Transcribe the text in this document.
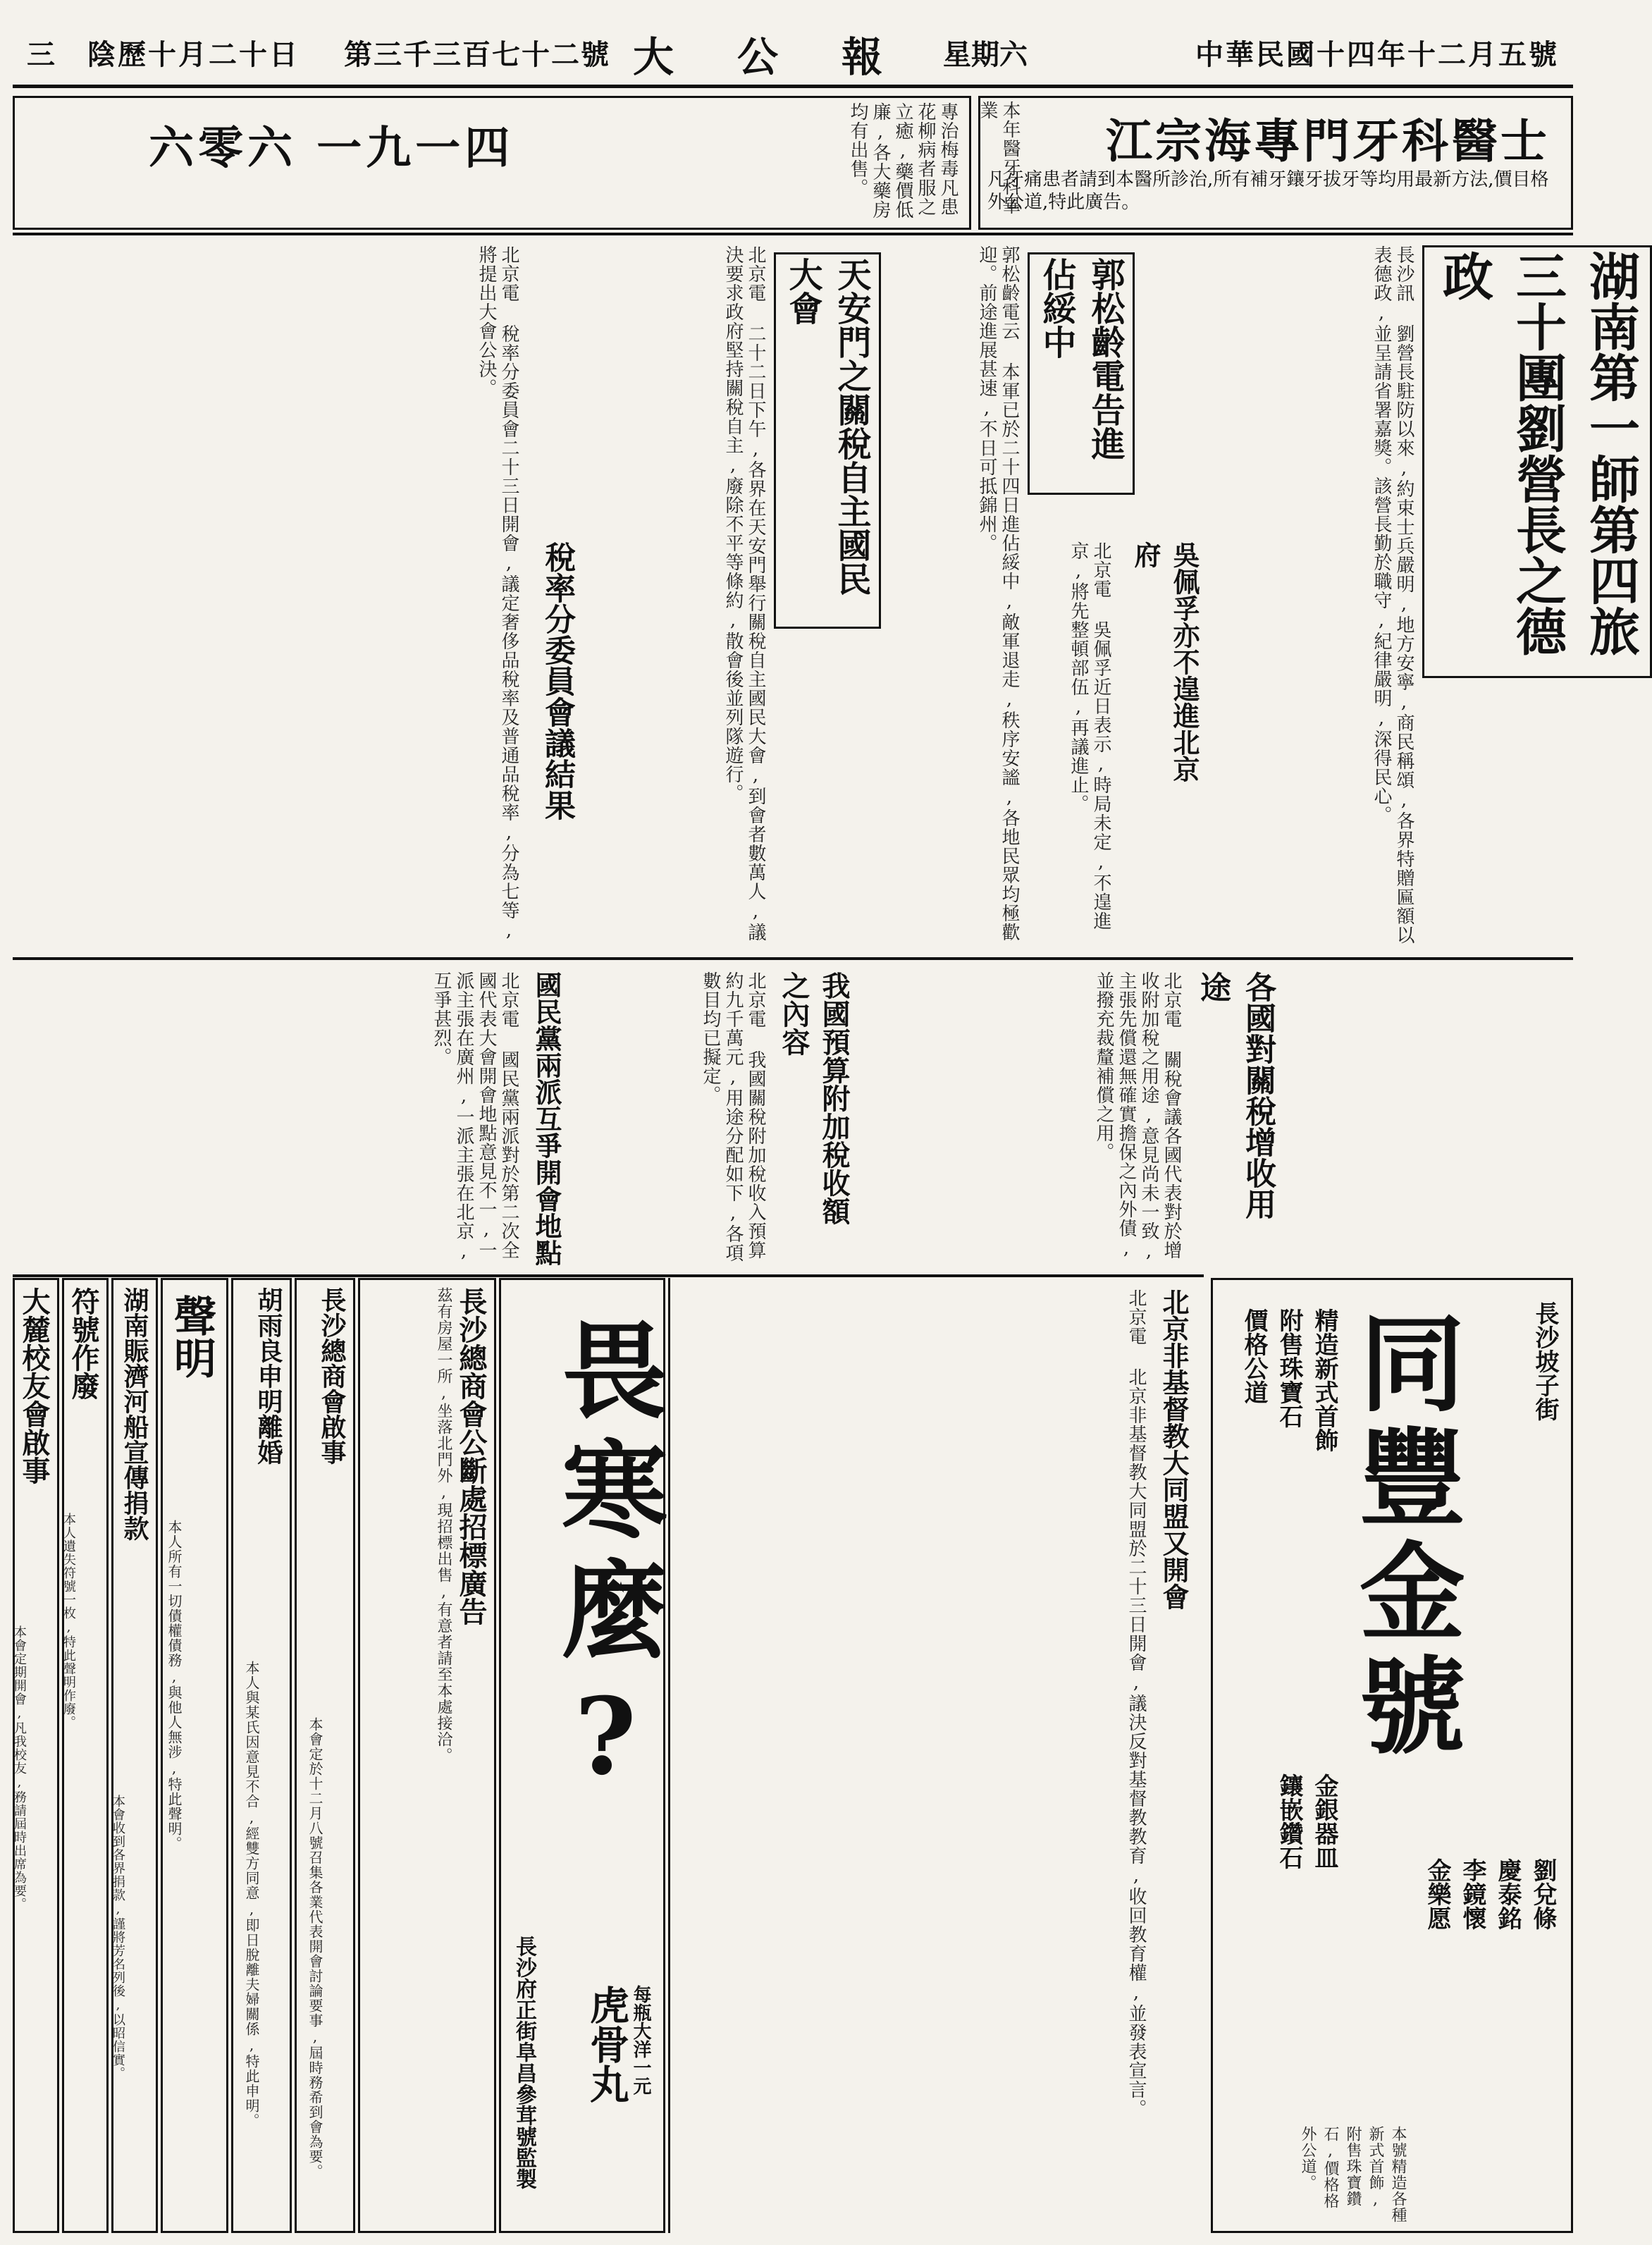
中華民國十四年十二月五號
星期六
大公報
第三千三百七十二號
三　 陰歷十月二十日
江宗海專門牙科醫士
本年醫牙科畢業
凡牙痛患者請到本醫所診治,所有補牙鑲牙拔牙等均用最新方法,價目格外公道,特此廣告。
六零六 一九一四	專治梅毒凡患花柳病者服之立癒,藥價低廉,各大藥房均有出售。
湖南第一師第四旅三十團劉營長之德政
長沙訊 劉營長駐防以來,約束士兵嚴明,地方安寧,商民稱頌,各界特贈匾額以表德政,並呈請省署嘉獎。該營長勤於職守,紀律嚴明,深得民心。
郭松齡電告進佔綏中
郭松齡電云 本軍已於二十四日進佔綏中,敵軍退走,秩序安謐,各地民眾均極歡迎。前途進展甚速,不日可抵錦州。
吳佩孚亦不遑進北京府
北京電 吳佩孚近日表示,時局未定,不遑進京,將先整頓部伍,再議進止。
天安門之關稅自主國民大會
北京電 二十二日下午,各界在天安門舉行關稅自主國民大會,到會者數萬人,議決要求政府堅持關稅自主,廢除不平等條約,散會後並列隊遊行。
稅率分委員會議結果
北京電 稅率分委員會二十三日開會,議定奢侈品稅率及普通品稅率,分為七等,將提出大會公決。
各國對關稅增收用途
北京電 關稅會議各國代表對於增收附加稅之用途,意見尚未一致,主張先償還無確實擔保之內外債,並撥充裁釐補償之用。
我國預算附加稅收額之內容
北京電 我國關稅附加稅收入預算約九千萬元,用途分配如下,各項數目均已擬定。
國民黨兩派互爭開會地點
北京電 國民黨兩派對於第二次全國代表大會開會地點意見不一,一派主張在廣州,一派主張在北京,互爭甚烈。
長沙坡子街
同豐金號
精造新式首飾
附售珠寶石
價格公道
金銀器皿
鑲嵌鑽石
劉兌條
慶泰銘
李鏡懷
金樂愿
本號精造各種新式首飾,附售珠寶鑽石,價格格外公道。
北京非基督教大同盟又開會
北京電 北京非基督教大同盟於二十三日開會,議決反對基督教教育,收回教育權,並發表宣言。
畏寒麼?
長沙府正街阜昌參茸號監製 虎骨丸 每瓶大洋一元
長沙總商會公斷處招標廣告
茲有房屋一所,坐落北門外,現招標出售,有意者請至本處接洽。
長沙總商會啟事
本會定於十二月八號召集各業代表開會討論要事,屆時務希到會為要。
胡雨良申明離婚
本人與某氏因意見不合,經雙方同意,即日脫離夫婦關係,特此申明。
聲明
本人所有一切債權債務,與他人無涉,特此聲明。
湖南賑濟河船宣傳捐款
本會收到各界捐款,謹將芳名列後,以昭信實。
符號作廢
本人遺失符號一枚,特此聲明作廢。
大麓校友會啟事
本會定期開會,凡我校友,務請屆時出席為要。
